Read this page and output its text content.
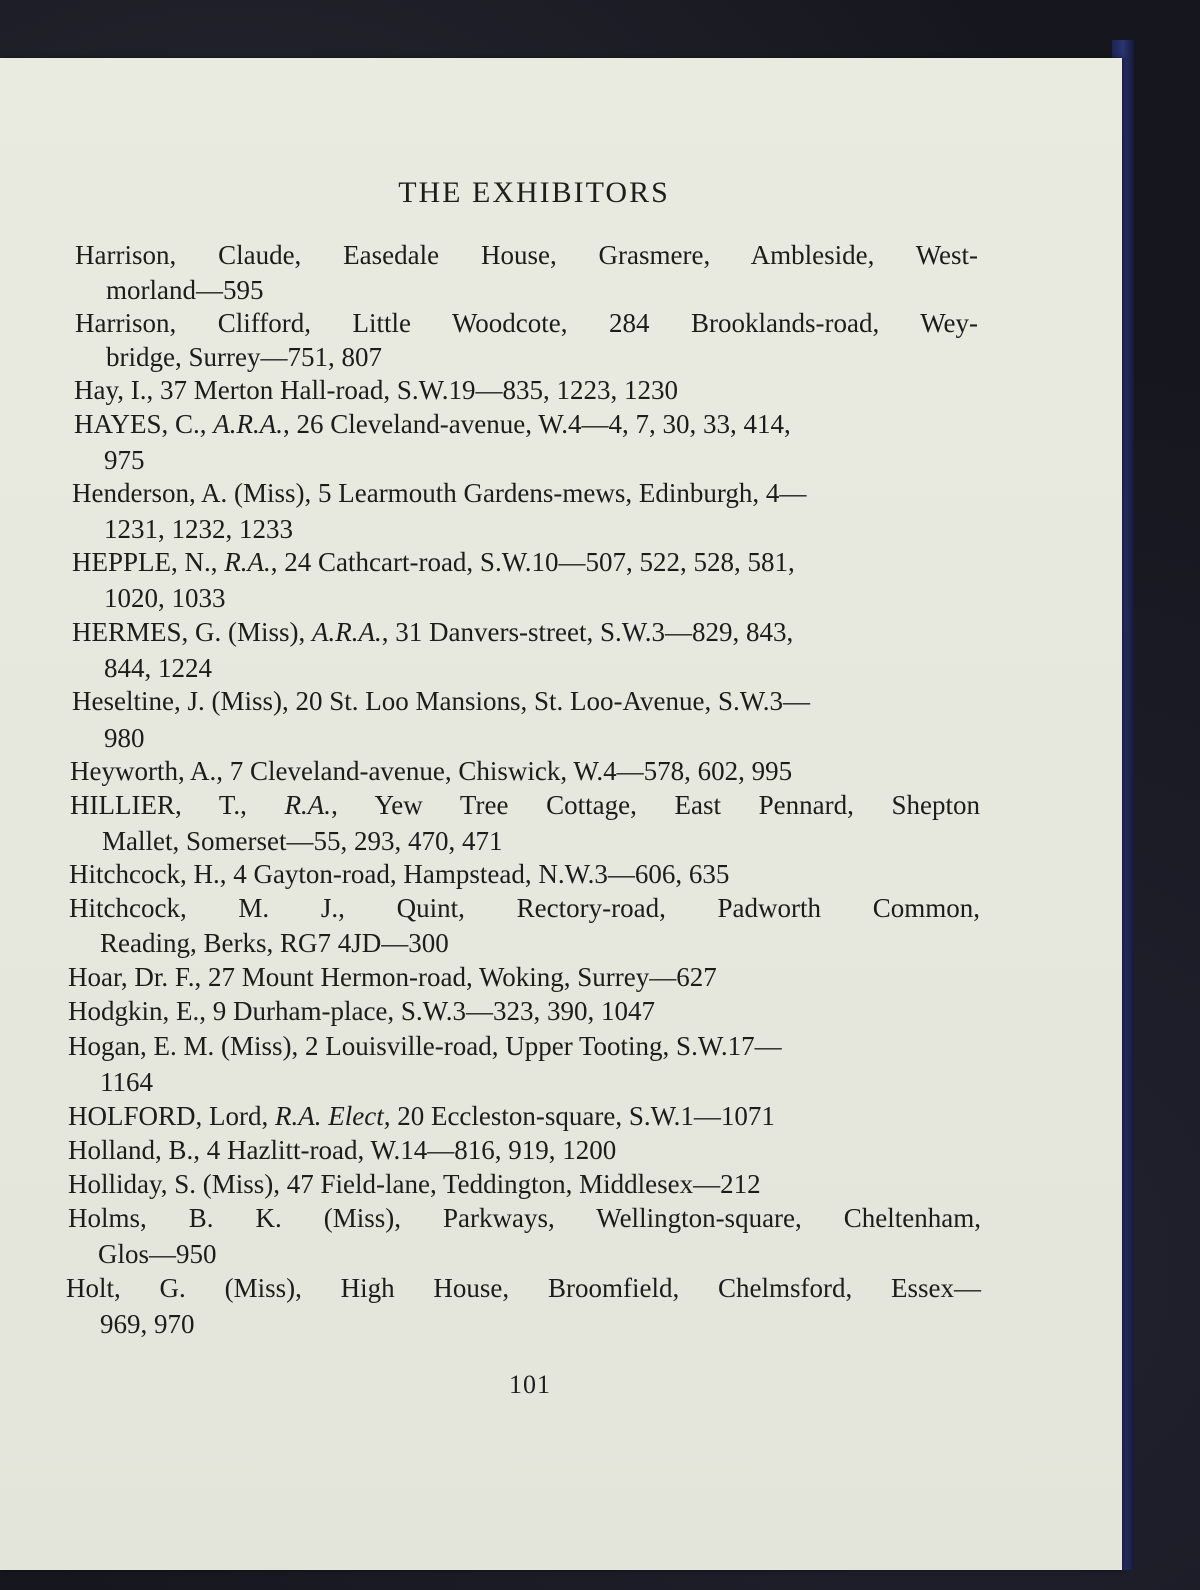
THE EXHIBITORS
Harrison, Claude, Easedale House, Grasmere, Ambleside, West-
morland—595
Harrison, Clifford, Little Woodcote, 284 Brooklands-road, Wey-
bridge, Surrey—751, 807
Hay, I., 37 Merton Hall-road, S.W.19—835, 1223, 1230
HAYES, C., A.R.A., 26 Cleveland-avenue, W.4—4, 7, 30, 33, 414,
975
Henderson, A. (Miss), 5 Learmouth Gardens-mews, Edinburgh, 4—
1231, 1232, 1233
HEPPLE, N., R.A., 24 Cathcart-road, S.W.10—507, 522, 528, 581,
1020, 1033
HERMES, G. (Miss), A.R.A., 31 Danvers-street, S.W.3—829, 843,
844, 1224
Heseltine, J. (Miss), 20 St. Loo Mansions, St. Loo-Avenue, S.W.3—
980
Heyworth, A., 7 Cleveland-avenue, Chiswick, W.4—578, 602, 995
HILLIER, T., R.A., Yew Tree Cottage, East Pennard, Shepton
Mallet, Somerset—55, 293, 470, 471
Hitchcock, H., 4 Gayton-road, Hampstead, N.W.3—606, 635
Hitchcock, M. J., Quint, Rectory-road, Padworth Common,
Reading, Berks, RG7 4JD—300
Hoar, Dr. F., 27 Mount Hermon-road, Woking, Surrey—627
Hodgkin, E., 9 Durham-place, S.W.3—323, 390, 1047
Hogan, E. M. (Miss), 2 Louisville-road, Upper Tooting, S.W.17—
1164
HOLFORD, Lord, R.A. Elect, 20 Eccleston-square, S.W.1—1071
Holland, B., 4 Hazlitt-road, W.14—816, 919, 1200
Holliday, S. (Miss), 47 Field-lane, Teddington, Middlesex—212
Holms, B. K. (Miss), Parkways, Wellington-square, Cheltenham,
Glos—950
Holt, G. (Miss), High House, Broomfield, Chelmsford, Essex—
969, 970
101
